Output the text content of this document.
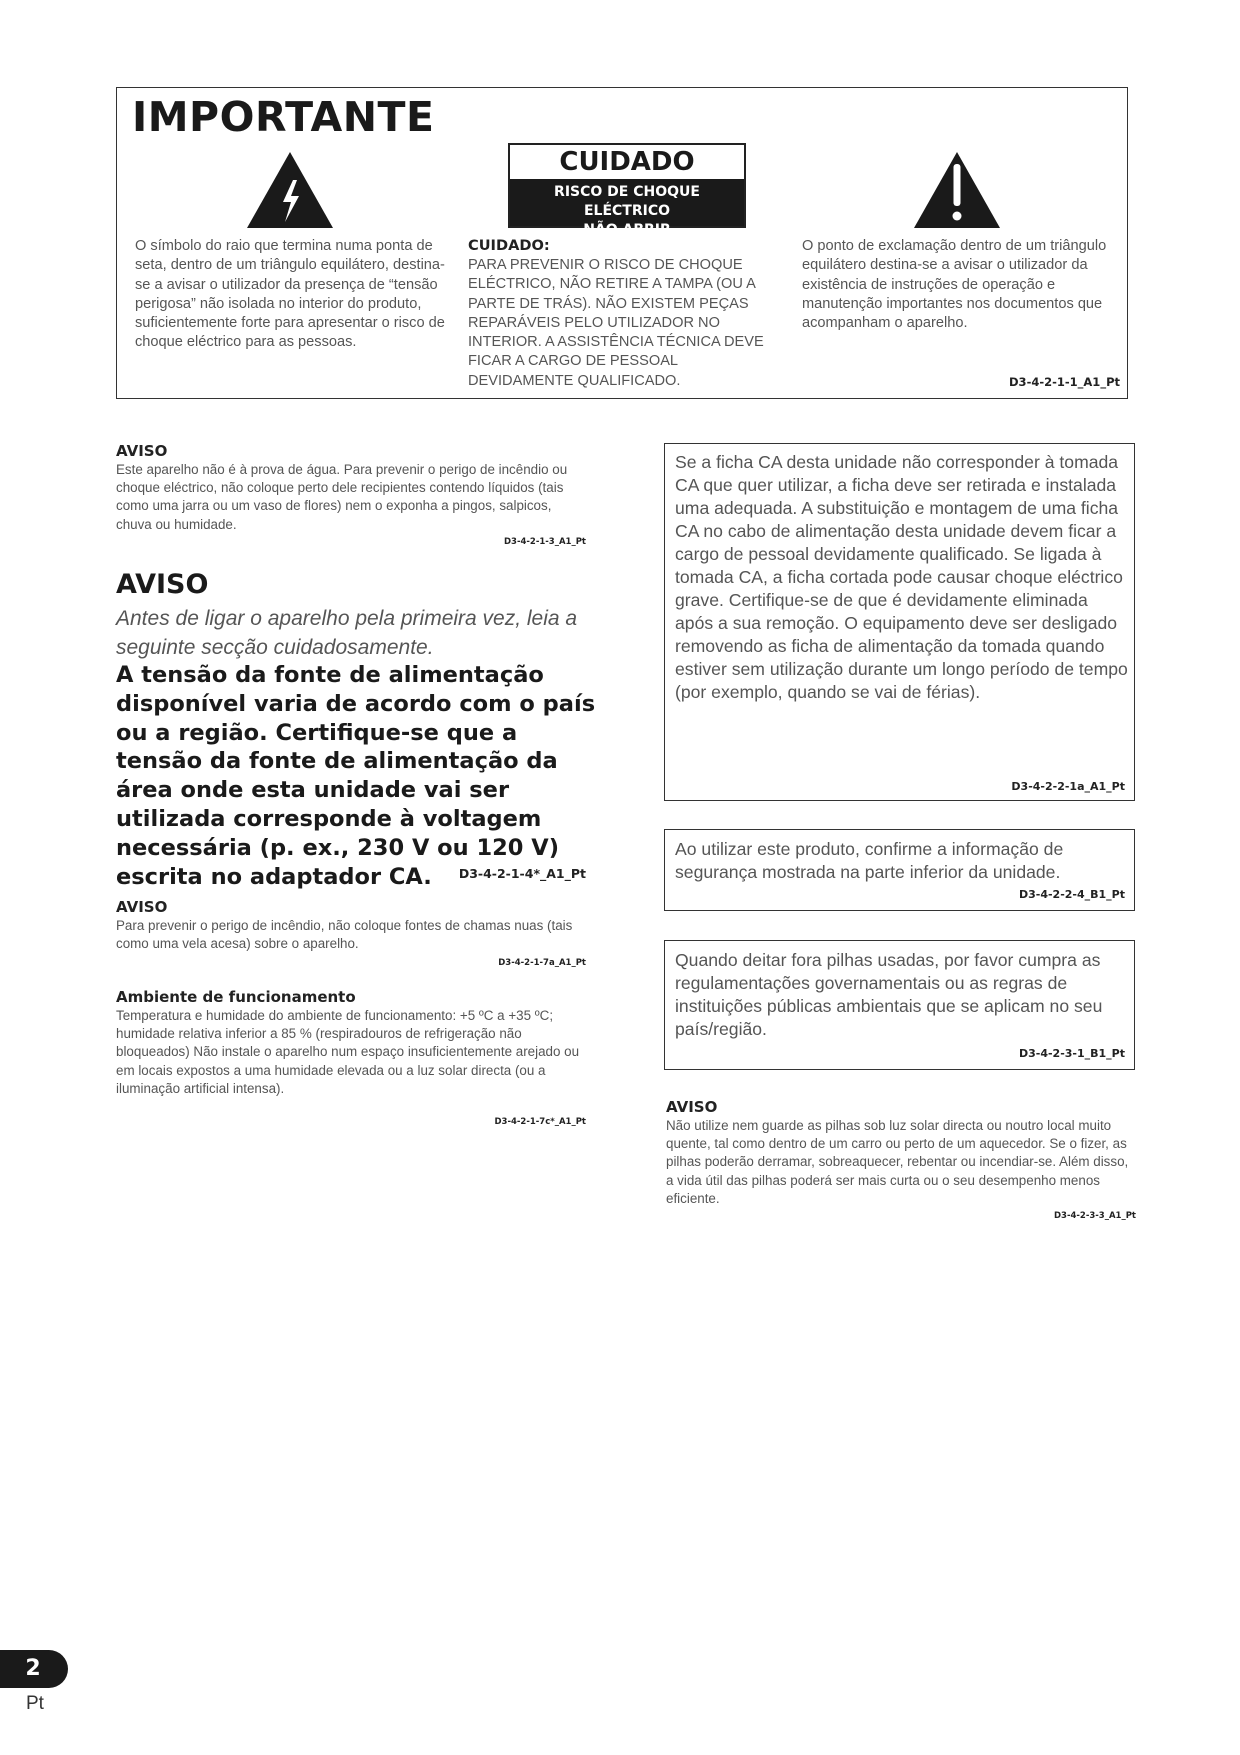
IMPORTANTE
CUIDADO
RISCO DE CHOQUE ELÉCTRICO
NÃO ABRIR
O símbolo do raio que termina numa ponta de seta, dentro de um triângulo equilátero, destina-se a avisar o utilizador da presença de “tensão perigosa” não isolada no interior do produto, suficientemente forte para apresentar o risco de choque eléctrico para as pessoas.
CUIDADO:
PARA PREVENIR O RISCO DE CHOQUE ELÉCTRICO, NÃO RETIRE A TAMPA (OU A PARTE DE TRÁS). NÃO EXISTEM PEÇAS REPARÁVEIS PELO UTILIZADOR NO INTERIOR. A ASSISTÊNCIA TÉCNICA DEVE FICAR A CARGO DE PESSOAL DEVIDAMENTE QUALIFICADO.
O ponto de exclamação dentro de um triângulo equilátero destina-se a avisar o utilizador da existência de instruções de operação e manutenção importantes nos documentos que acompanham o aparelho.
D3-4-2-1-1_A1_Pt
AVISO
Este aparelho não é à prova de água. Para prevenir o perigo de incêndio ou choque eléctrico, não coloque perto dele recipientes contendo líquidos (tais como uma jarra ou um vaso de flores) nem o exponha a pingos, salpicos, chuva ou humidade.
D3-4-2-1-3_A1_Pt
AVISO
Antes de ligar o aparelho pela primeira vez, leia a seguinte secção cuidadosamente.
A tensão da fonte de alimentação disponível varia de acordo com o país ou a região. Certifique-se que a tensão da fonte de alimentação da área onde esta unidade vai ser utilizada corresponde à voltagem necessária (p. ex., 230 V ou 120 V) escrita no adaptador CA.	D3-4-2-1-4*_A1_Pt
AVISO
Para prevenir o perigo de incêndio, não coloque fontes de chamas nuas (tais como uma vela acesa) sobre o aparelho.
D3-4-2-1-7a_A1_Pt
Ambiente de funcionamento
Temperatura e humidade do ambiente de funcionamento: +5 ºC a +35 ºC; humidade relativa inferior a 85 % (respiradouros de refrigeração não bloqueados) Não instale o aparelho num espaço insuficientemente arejado ou em locais expostos a uma humidade elevada ou a luz solar directa (ou a iluminação artificial intensa).
D3-4-2-1-7c*_A1_Pt
Se a ficha CA desta unidade não corresponder à tomada CA que quer utilizar, a ficha deve ser retirada e instalada uma adequada. A substituição e montagem de uma ficha CA no cabo de alimentação desta unidade devem ficar a cargo de pessoal devidamente qualificado. Se ligada à tomada CA, a ficha cortada pode causar choque eléctrico grave. Certifique-se de que é devidamente eliminada após a sua remoção. O equipamento deve ser desligado removendo as ficha de alimentação da tomada quando estiver sem utilização durante um longo período de tempo (por exemplo, quando se vai de férias).
D3-4-2-2-1a_A1_Pt
Ao utilizar este produto, confirme a informação de segurança mostrada na parte inferior da unidade.
D3-4-2-2-4_B1_Pt
Quando deitar fora pilhas usadas, por favor cumpra as regulamentações governamentais ou as regras de instituições públicas ambientais que se aplicam no seu país/região.
D3-4-2-3-1_B1_Pt
AVISO
Não utilize nem guarde as pilhas sob luz solar directa ou noutro local muito quente, tal como dentro de um carro ou perto de um aquecedor. Se o fizer, as pilhas poderão derramar, sobreaquecer, rebentar ou incendiar-se. Além disso, a vida útil das pilhas poderá ser mais curta ou o seu desempenho menos eficiente.
D3-4-2-3-3_A1_Pt
2
Pt
